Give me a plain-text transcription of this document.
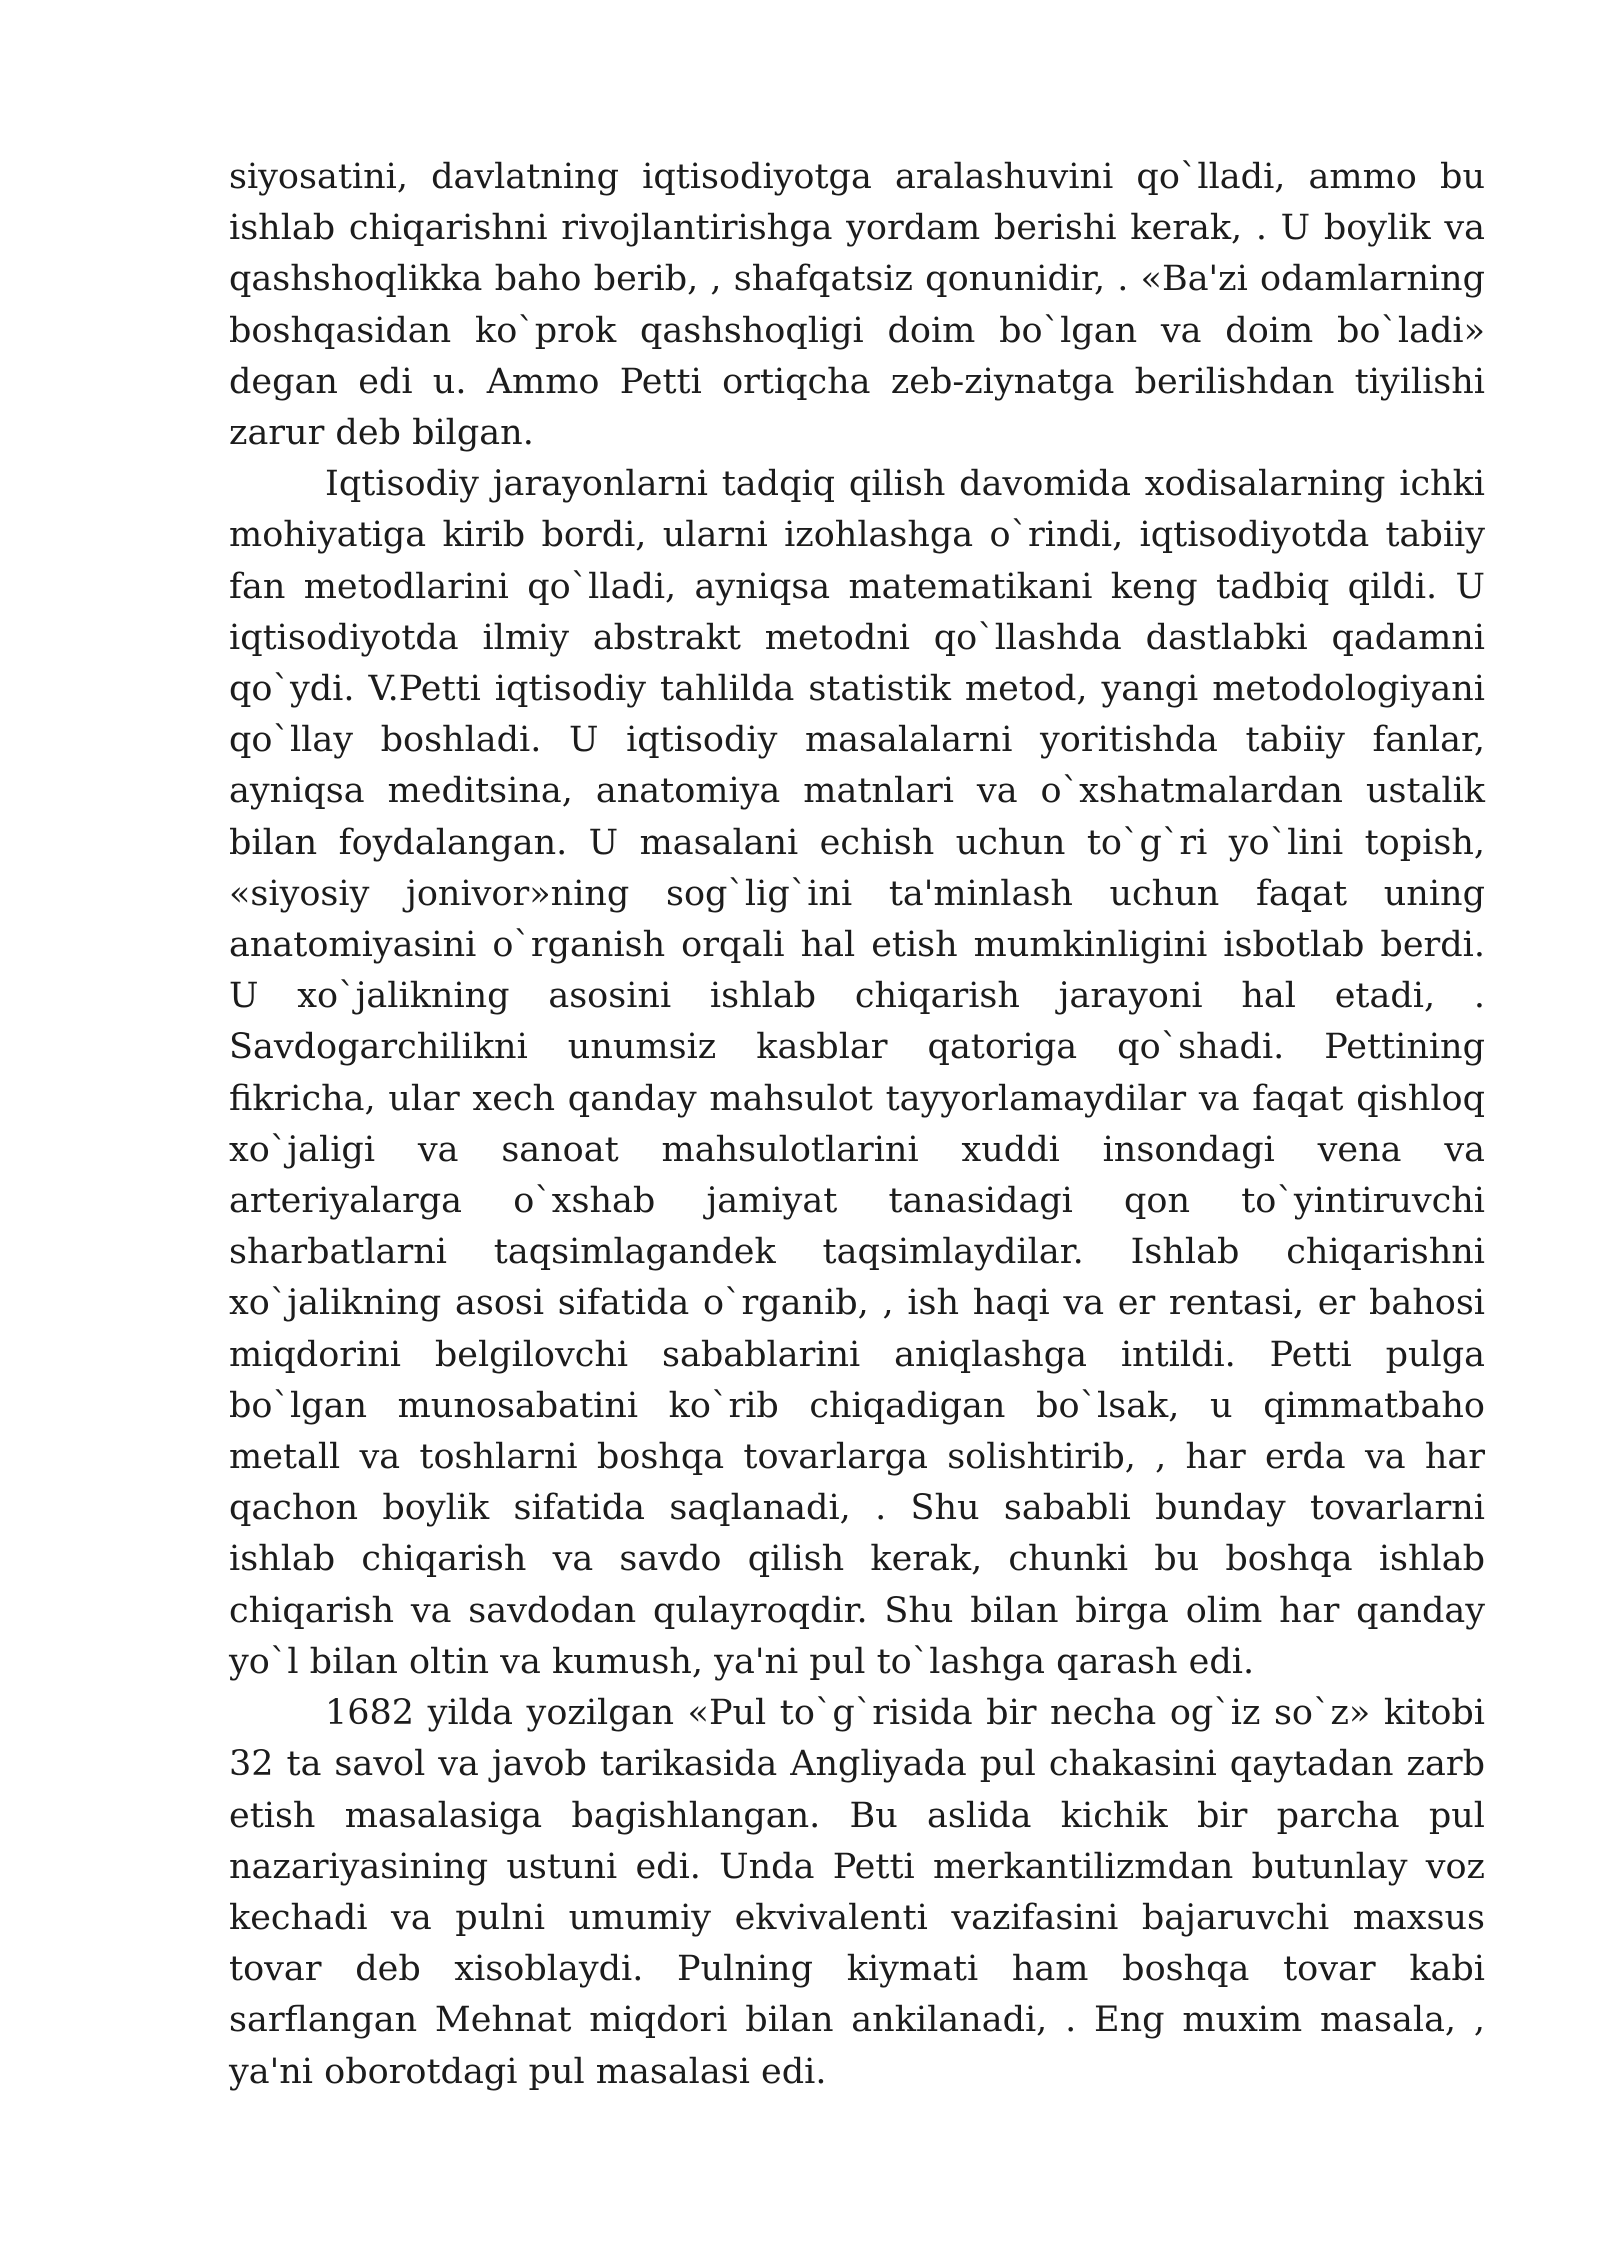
siyosatini, davlatning iqtisodiyotga aralashuvini qo`lladi, ammo bu ishlab chiqarishni rivojlantirishga yordam berishi kerak, . U boylik va qashshoqlikka baho berib, , shafqatsiz qonunidir, . «Ba'zi odamlarning boshqasidan ko`prok qashshoqligi doim bo`lgan va doim bo`ladi» degan edi u. Ammo Petti ortiqcha zeb-ziynatga berilishdan tiyilishi zarur deb bilgan.

Iqtisodiy jarayonlarni tadqiq qilish davomida xodisalarning ichki mohiyatiga kirib bordi, ularni izohlashga o`rindi, iqtisodiyotda tabiiy fan metodlarini qo`lladi, ayniqsa matematikani keng tadbiq qildi. U iqtisodiyotda ilmiy abstrakt metodni qo`llashda dastlabki qadamni qo`ydi. V.Petti iqtisodiy tahlilda statistik metod, yangi metodologiyani qo`llay boshladi. U iqtisodiy masalalarni yoritishda tabiiy fanlar, ayniqsa meditsina, anatomiya matnlari va o`xshatmalardan ustalik bilan foydalangan. U masalani echish uchun to`g`ri yo`lini topish, «siyosiy jonivor»ning sog`lig`ini ta'minlash uchun faqat uning anatomiyasini o`rganish orqali hal etish mumkinligini isbotlab berdi. U xo`jalikning asosini ishlab chiqarish jarayoni hal etadi, . Savdogarchilikni unumsiz kasblar qatoriga qo`shadi. Pettining fikricha, ular xech qanday mahsulot tayyorlamaydilar va faqat qishloq xo`jaligi va sanoat mahsulotlarini xuddi insondagi vena va arteriyalarga o`xshab jamiyat tanasidagi qon to`yintiruvchi sharbatlarni taqsimlagandek taqsimlaydilar. Ishlab chiqarishni xo`jalikning asosi sifatida o`rganib, , ish haqi va er rentasi, er bahosi miqdorini belgilovchi sabablarini aniqlashga intildi. Petti pulga bo`lgan munosabatini ko`rib chiqadigan bo`lsak, u qimmatbaho metall va toshlarni boshqa tovarlarga solishtirib, , har erda va har qachon boylik sifatida saqlanadi, . Shu sababli bunday tovarlarni ishlab chiqarish va savdo qilish kerak, chunki bu boshqa ishlab chiqarish va savdodan qulayroqdir. Shu bilan birga olim har qanday yo`l bilan oltin va kumush, ya'ni pul to`lashga qarash edi.

1682 yilda yozilgan «Pul to`g`risida bir necha og`iz so`z» kitobi 32 ta savol va javob tarikasida Angliyada pul chakasini qaytadan zarb etish masalasiga bagishlangan. Bu aslida kichik bir parcha pul nazariyasining ustuni edi. Unda Petti merkantilizmdan butunlay voz kechadi va pulni umumiy ekvivalenti vazifasini bajaruvchi maxsus tovar deb xisoblaydi. Pulning kiymati ham boshqa tovar kabi sarflangan Mehnat miqdori bilan ankilanadi, . Eng muxim masala, , ya'ni oborotdagi pul masalasi edi.
